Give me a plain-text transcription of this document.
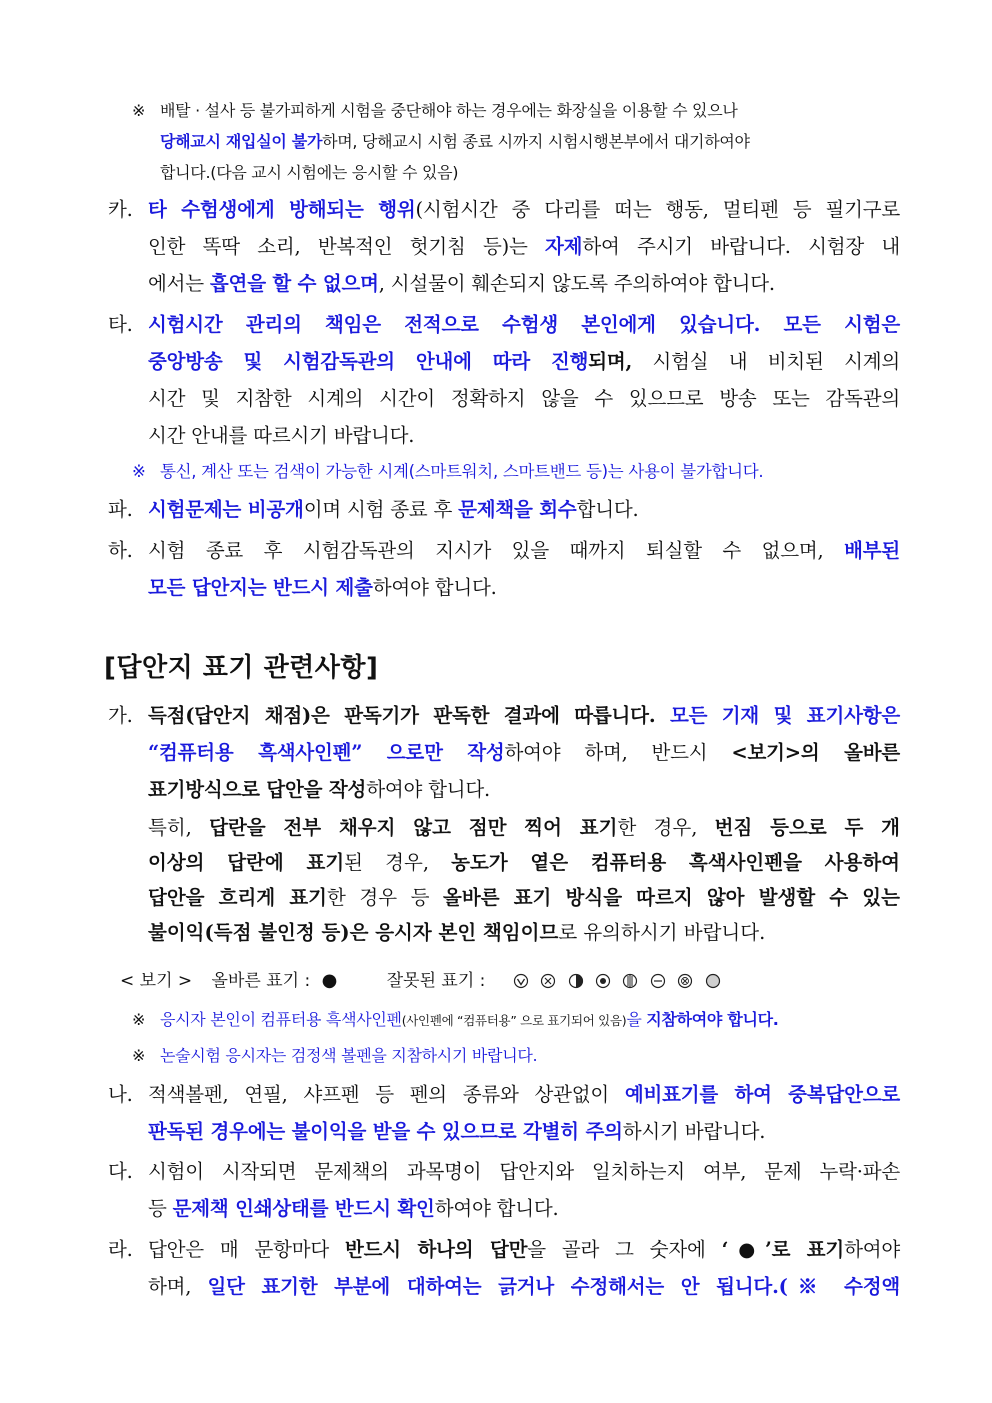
※ 배탈 · 설사 등 불가피하게 시험을 중단해야 하는 경우에는 화장실을 이용할 수 있으나
당해교시 재입실이 불가하며, 당해교시 시험 종료 시까지 시험시행본부에서 대기하여야
합니다.(다음 교시 시험에는 응시할 수 있음)
카. 타 수험생에게 방해되는 행위(시험시간 중 다리를 떠는 행동, 멀티펜 등 필기구로
인한 똑딱 소리, 반복적인 헛기침 등)는 자제하여 주시기 바랍니다. 시험장 내
에서는 흡연을 할 수 없으며, 시설물이 훼손되지 않도록 주의하여야 합니다.
타. 시험시간 관리의 책임은 전적으로 수험생 본인에게 있습니다. 모든 시험은
중앙방송 및 시험감독관의 안내에 따라 진행되며, 시험실 내 비치된 시계의
시간 및 지참한 시계의 시간이 정확하지 않을 수 있으므로 방송 또는 감독관의
시간 안내를 따르시기 바랍니다.
※ 통신, 계산 또는 검색이 가능한 시계(스마트워치, 스마트밴드 등)는 사용이 불가합니다.
파. 시험문제는 비공개이며 시험 종료 후 문제책을 회수합니다.
하. 시험 종료 후 시험감독관의 지시가 있을 때까지 퇴실할 수 없으며, 배부된
모든 답안지는 반드시 제출하여야 합니다.
[답안지 표기 관련사항]
가. 득점(답안지 채점)은 판독기가 판독한 결과에 따릅니다. 모든 기재 및 표기사항은
“컴퓨터용 흑색사인펜” 으로만 작성하여야 하며, 반드시 <보기>의 올바른
표기방식으로 답안을 작성하여야 합니다.
특히, 답란을 전부 채우지 않고 점만 찍어 표기한 경우, 번짐 등으로 두 개
이상의 답란에 표기된 경우, 농도가 옅은 컴퓨터용 흑색사인펜을 사용하여
답안을 흐리게 표기한 경우 등 올바른 표기 방식을 따르지 않아 발생할 수 있는
불이익(득점 불인정 등)은 응시자 본인 책임이므로 유의하시기 바랍니다.
< 보기 > 올바른 표기 : ●	잘못된 표기 :
※ 응시자 본인이 컴퓨터용 흑색사인펜(사인펜에 “컴퓨터용” 으로 표기되어 있음)을 지참하여야 합니다.
※ 논술시험 응시자는 검정색 볼펜을 지참하시기 바랍니다.
나. 적색볼펜, 연필, 샤프펜 등 펜의 종류와 상관없이 예비표기를 하여 중복답안으로
판독된 경우에는 불이익을 받을 수 있으므로 각별히 주의하시기 바랍니다.
다. 시험이 시작되면 문제책의 과목명이 답안지와 일치하는지 여부, 문제 누락·파손
등 문제책 인쇄상태를 반드시 확인하여야 합니다.
라. 답안은 매 문항마다 반드시 하나의 답만을 골라 그 숫자에 ‘●’로 표기하여야
하며, 일단 표기한 부분에 대하여는 긁거나 수정해서는 안 됩니다.(※ 수정액
